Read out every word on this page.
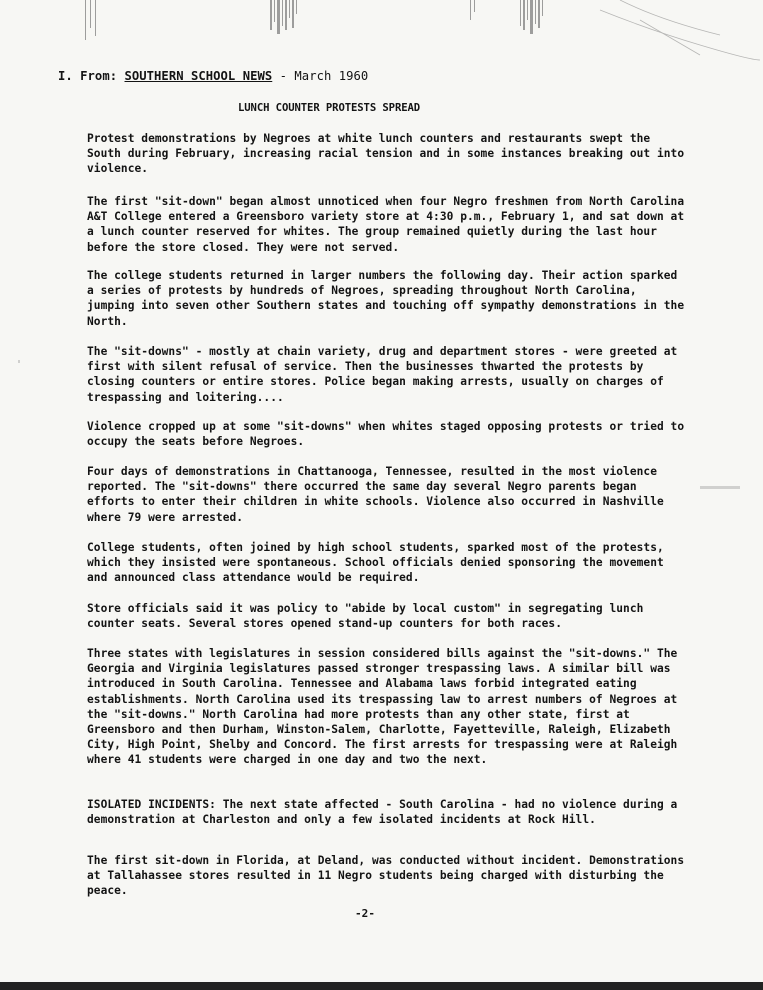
I. From: SOUTHERN SCHOOL NEWS - March 1960
LUNCH COUNTER PROTESTS SPREAD
Protest demonstrations by Negroes at white lunch counters and restaurants swept the South during February, increasing racial tension and in some instances breaking out into violence.
The first "sit-down" began almost unnoticed when four Negro freshmen from North Carolina A&T College entered a Greensboro variety store at 4:30 p.m., February 1, and sat down at a lunch counter reserved for whites. The group remained quietly during the last hour before the store closed. They were not served.
The college students returned in larger numbers the following day. Their action sparked a series of protests by hundreds of Negroes, spreading throughout North Carolina, jumping into seven other Southern states and touching off sympathy demonstrations in the North.
The "sit-downs" - mostly at chain variety, drug and department stores - were greeted at first with silent refusal of service. Then the businesses thwarted the protests by closing counters or entire stores. Police began making arrests, usually on charges of trespassing and loitering....
Violence cropped up at some "sit-downs" when whites staged opposing protests or tried to occupy the seats before Negroes.
Four days of demonstrations in Chattanooga, Tennessee, resulted in the most violence reported. The "sit-downs" there occurred the same day several Negro parents began efforts to enter their children in white schools. Violence also occurred in Nashville where 79 were arrested.
College students, often joined by high school students, sparked most of the protests, which they insisted were spontaneous. School officials denied sponsoring the movement and announced class attendance would be required.
Store officials said it was policy to "abide by local custom" in segregating lunch counter seats. Several stores opened stand-up counters for both races.
Three states with legislatures in session considered bills against the "sit-downs." The Georgia and Virginia legislatures passed stronger trespassing laws. A similar bill was introduced in South Carolina. Tennessee and Alabama laws forbid integrated eating establishments. North Carolina used its trespassing law to arrest numbers of Negroes at the "sit-downs." North Carolina had more protests than any other state, first at Greensboro and then Durham, Winston-Salem, Charlotte, Fayetteville, Raleigh, Elizabeth City, High Point, Shelby and Concord. The first arrests for trespassing were at Raleigh where 41 students were charged in one day and two the next.
ISOLATED INCIDENTS: The next state affected - South Carolina - had no violence during a demonstration at Charleston and only a few isolated incidents at Rock Hill.
The first sit-down in Florida, at Deland, was conducted without incident. Demonstrations at Tallahassee stores resulted in 11 Negro students being charged with disturbing the peace.
-2-
